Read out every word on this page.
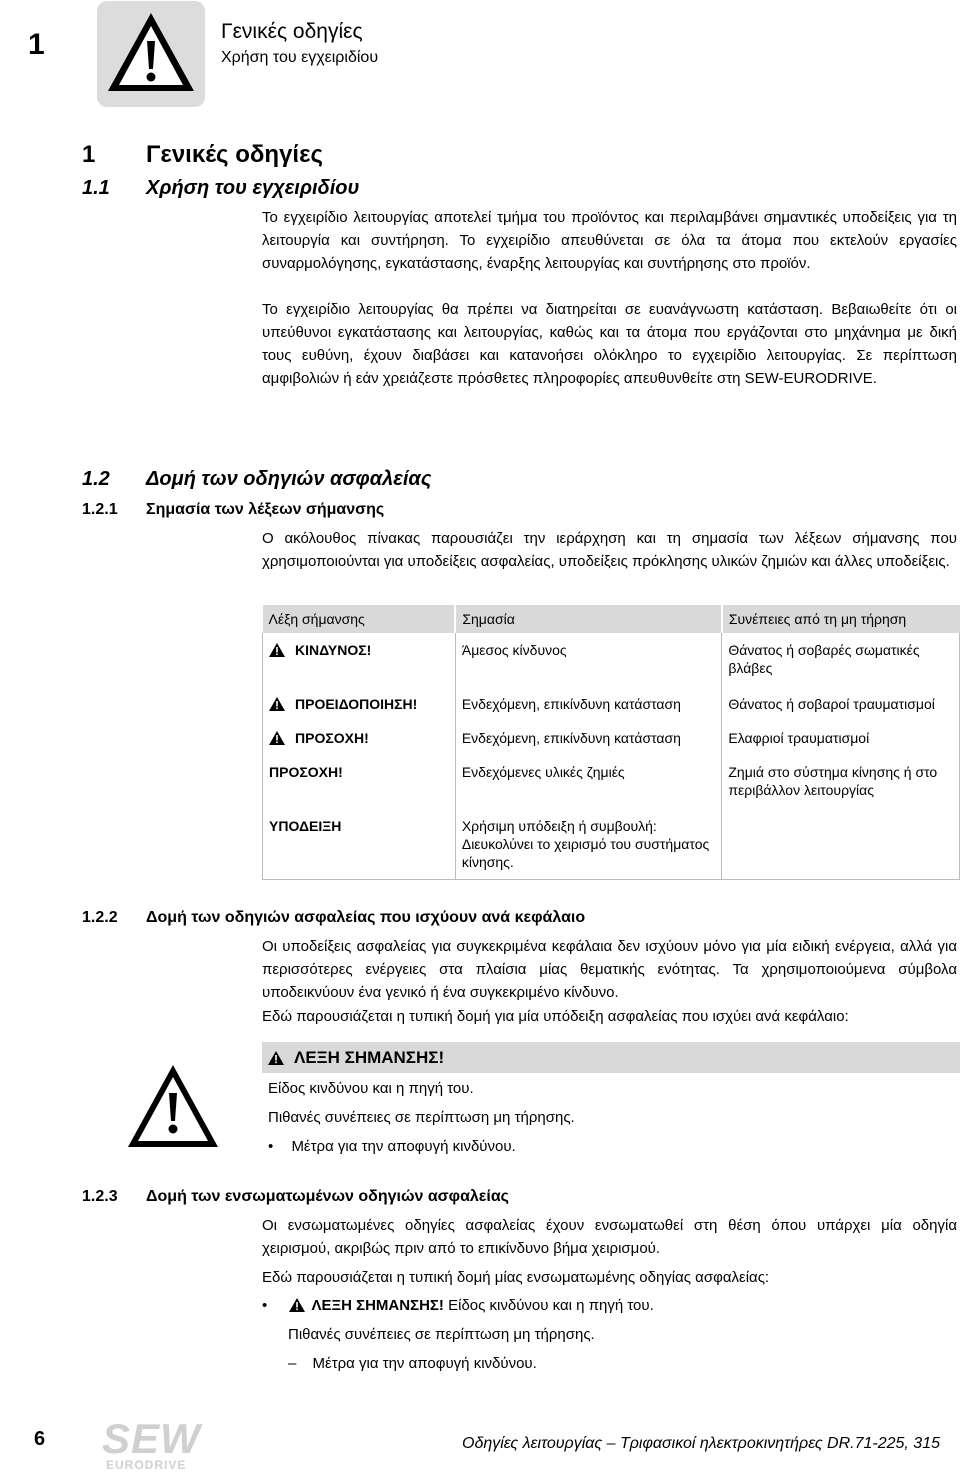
1	Γενικές οδηγίες
Χρήση του εγχειριδίου
1 Γενικές οδηγίες
1.1 Χρήση του εγχειριδίου

Το εγχειρίδιο λειτουργίας αποτελεί τμήμα του προϊόντος και περιλαμβάνει σημαντικές υποδείξεις για τη λειτουργία και συντήρηση. Το εγχειρίδιο απευθύνεται σε όλα τα άτομα που εκτελούν εργασίες συναρμολόγησης, εγκατάστασης, έναρξης λειτουργίας και συντήρησης στο προϊόν.

Το εγχειρίδιο λειτουργίας θα πρέπει να διατηρείται σε ευανάγνωστη κατάσταση. Βεβαιωθείτε ότι οι υπεύθυνοι εγκατάστασης και λειτουργίας, καθώς και τα άτομα που εργάζονται στο μηχάνημα με δική τους ευθύνη, έχουν διαβάσει και κατανοήσει ολόκληρο το εγχειρίδιο λειτουργίας. Σε περίπτωση αμφιβολιών ή εάν χρειάζεστε πρόσθετες πληροφορίες απευθυνθείτε στη SEW-EURODRIVE.

1.2 Δομή των οδηγιών ασφαλείας
1.2.1 Σημασία των λέξεων σήμανσης

Ο ακόλουθος πίνακας παρουσιάζει την ιεράρχηση και τη σημασία των λέξεων σήμανσης που χρησιμοποιούνται για υποδείξεις ασφαλείας, υποδείξεις πρόκλησης υλικών ζημιών και άλλες υποδείξεις.

Λέξη σήμανσης	Σημασία	Συνέπειες από τη μη τήρηση
ΚΙΝΔΥΝΟΣ!	Άμεσος κίνδυνος	Θάνατος ή σοβαρές σωματικές βλάβες
ΠΡΟΕΙΔΟΠΟΙΗΣΗ!	Ενδεχόμενη, επικίνδυνη κατάσταση	Θάνατος ή σοβαροί τραυματισμοί
ΠΡΟΣΟΧΗ!	Ενδεχόμενη, επικίνδυνη κατάσταση	Ελαφριοί τραυματισμοί
ΠΡΟΣΟΧΗ!	Ενδεχόμενες υλικές ζημιές	Ζημιά στο σύστημα κίνησης ή στο περιβάλλον λειτουργίας
ΥΠΟΔΕΙΞΗ	Χρήσιμη υπόδειξη ή συμβουλή: Διευκολύνει το χειρισμό του συστήματος κίνησης.	
1.2.2 Δομή των οδηγιών ασφαλείας που ισχύουν ανά κεφάλαιο

Οι υποδείξεις ασφαλείας για συγκεκριμένα κεφάλαια δεν ισχύουν μόνο για μία ειδική ενέργεια, αλλά για περισσότερες ενέργειες στα πλαίσια μίας θεματικής ενότητας. Τα χρησιμοποιούμενα σύμβολα υποδεικνύουν ένα γενικό ή ένα συγκεκριμένο κίνδυνο.

Εδώ παρουσιάζεται η τυπική δομή για μία υπόδειξη ασφαλείας που ισχύει ανά κεφάλαιο:

ΛΕΞΗ ΣΗΜΑΝΣΗΣ!
Είδος κινδύνου και η πηγή του.
Πιθανές συνέπειες σε περίπτωση μη τήρησης.
• Μέτρα για την αποφυγή κινδύνου.
1.2.3 Δομή των ενσωματωμένων οδηγιών ασφαλείας

Οι ενσωματωμένες οδηγίες ασφαλείας έχουν ενσωματωθεί στη θέση όπου υπάρχει μία οδηγία χειρισμού, ακριβώς πριν από το επικίνδυνο βήμα χειρισμού.

Εδώ παρουσιάζεται η τυπική δομή μίας ενσωματωμένης οδηγίας ασφαλείας:

•	ΛΕΞΗ ΣΗΜΑΝΣΗΣ! Είδος κινδύνου και η πηγή του.
Πιθανές συνέπειες σε περίπτωση μη τήρησης.
– Μέτρα για την αποφυγή κινδύνου.
6 SEW
EURODRIVE
Οδηγίες λειτουργίας – Τριφασικοί ηλεκτροκινητήρες DR.71-225, 315
